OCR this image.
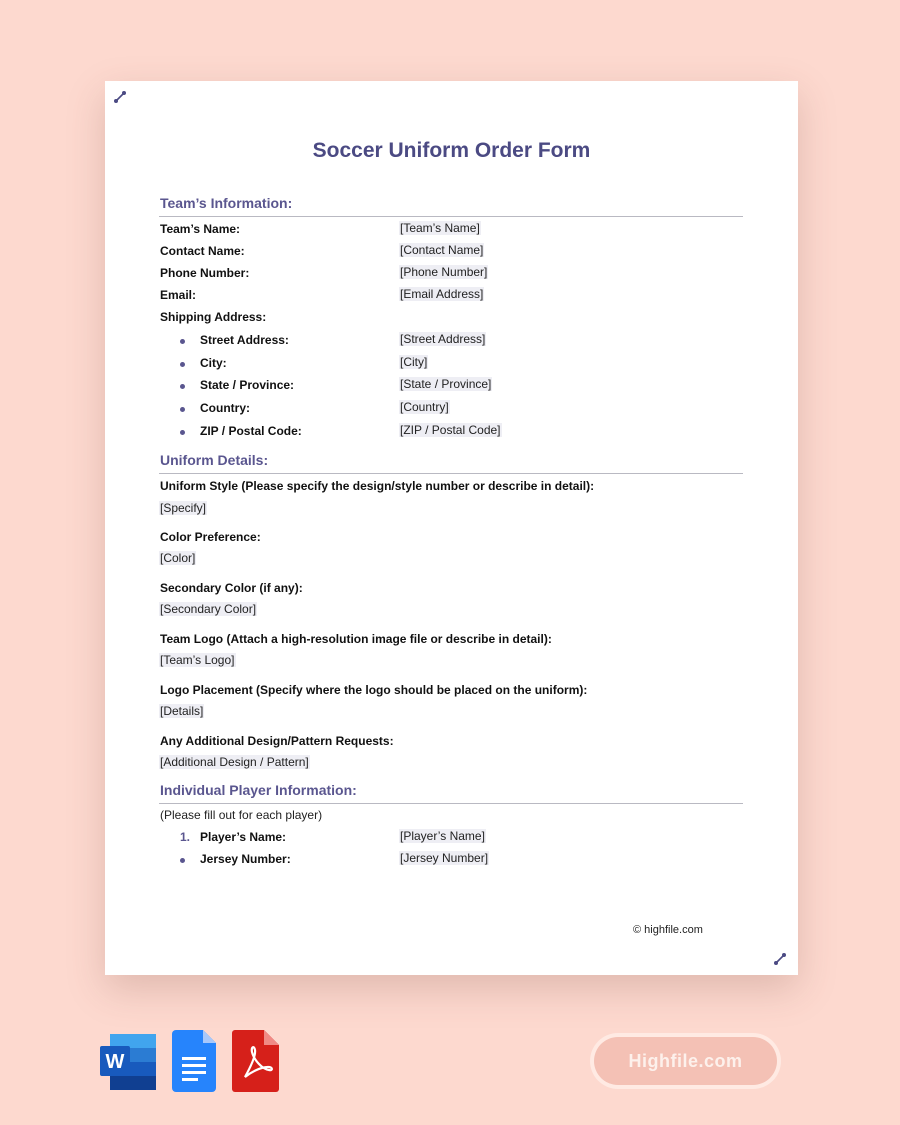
Soccer Uniform Order Form
Team’s Information:
Team’s Name:	[Team’s Name]
Contact Name:	[Contact Name]
Phone Number:	[Phone Number]
Email:	[Email Address]
Shipping Address:
Street Address:	[Street Address]
City:	[City]
State / Province:	[State / Province]
Country:	[Country]
ZIP / Postal Code:	[ZIP / Postal Code]
Uniform Details:
Uniform Style (Please specify the design/style number or describe in detail):
[Specify]
Color Preference:
[Color]
Secondary Color (if any):
[Secondary Color]
Team Logo (Attach a high-resolution image file or describe in detail):
[Team’s Logo]
Logo Placement (Specify where the logo should be placed on the uniform):
[Details]
Any Additional Design/Pattern Requests:
[Additional Design / Pattern]
Individual Player Information:
(Please fill out for each player)
1. Player’s Name:	[Player’s Name]
Jersey Number:	[Jersey Number]
© highfile.com
W	Highfile.com
